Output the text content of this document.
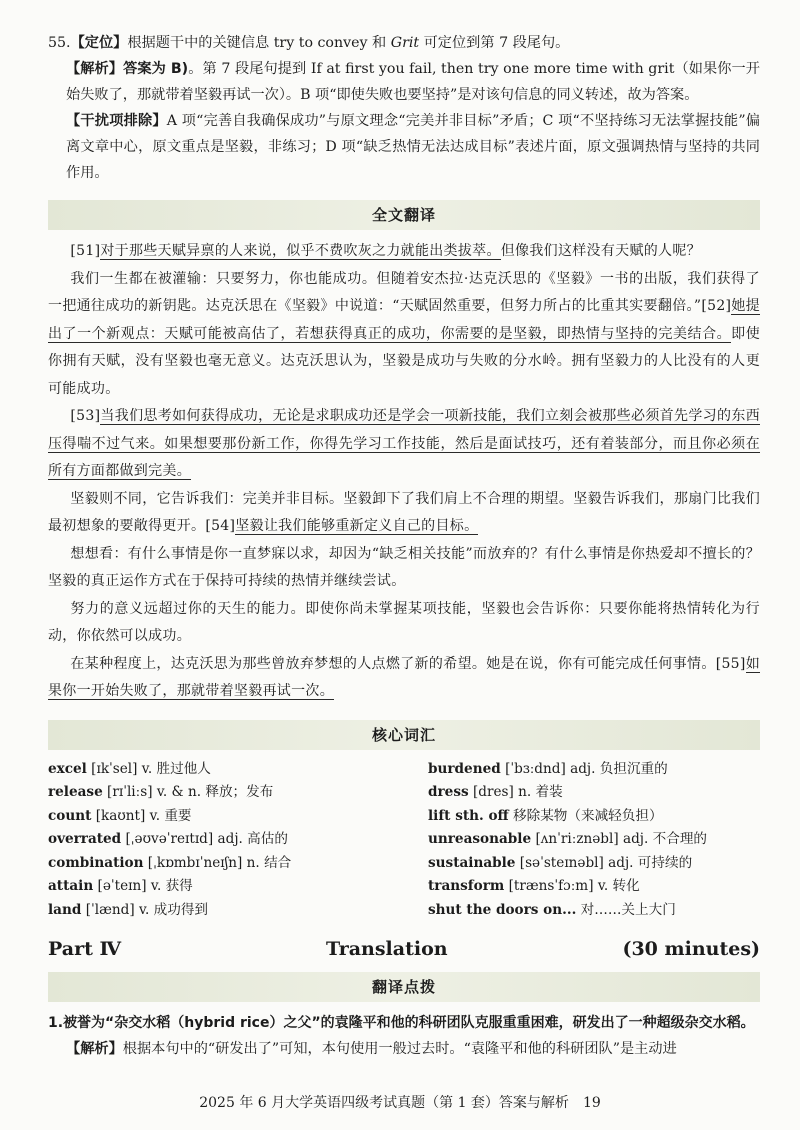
55.【定位】根据题干中的关键信息 try to convey 和 Grit 可定位到第 7 段尾句。

【解析】答案为 B)。第 7 段尾句提到 If at first you fail, then try one more time with grit（如果你一开始失败了，那就带着坚毅再试一次）。B 项“即使失败也要坚持”是对该句信息的同义转述，故为答案。

【干扰项排除】A 项“完善自我确保成功”与原文理念“完美并非目标”矛盾；C 项“不坚持练习无法掌握技能”偏离文章中心，原文重点是坚毅，非练习；D 项“缺乏热情无法达成目标”表述片面，原文强调热情与坚持的共同作用。

全文翻译

[51]对于那些天赋异禀的人来说，似乎不费吹灰之力就能出类拔萃。但像我们这样没有天赋的人呢？

我们一生都在被灌输：只要努力，你也能成功。但随着安杰拉·达克沃思的《坚毅》一书的出版，我们获得了一把通往成功的新钥匙。达克沃思在《坚毅》中说道：“天赋固然重要，但努力所占的比重其实要翻倍。”[52]她提出了一个新观点：天赋可能被高估了，若想获得真正的成功，你需要的是坚毅，即热情与坚持的完美结合。即使你拥有天赋，没有坚毅也毫无意义。达克沃思认为，坚毅是成功与失败的分水岭。拥有坚毅力的人比没有的人更可能成功。

[53]当我们思考如何获得成功，无论是求职成功还是学会一项新技能，我们立刻会被那些必须首先学习的东西压得喘不过气来。如果想要那份新工作，你得先学习工作技能，然后是面试技巧，还有着装部分，而且你必须在所有方面都做到完美。

坚毅则不同，它告诉我们：完美并非目标。坚毅卸下了我们肩上不合理的期望。坚毅告诉我们，那扇门比我们最初想象的要敞得更开。[54]坚毅让我们能够重新定义自己的目标。

想想看：有什么事情是你一直梦寐以求，却因为“缺乏相关技能”而放弃的？有什么事情是你热爱却不擅长的？坚毅的真正运作方式在于保持可持续的热情并继续尝试。

努力的意义远超过你的天生的能力。即使你尚未掌握某项技能，坚毅也会告诉你：只要你能将热情转化为行动，你依然可以成功。

在某种程度上，达克沃思为那些曾放弃梦想的人点燃了新的希望。她是在说，你有可能完成任何事情。[55]如果你一开始失败了，那就带着坚毅再试一次。

核心词汇
excel [ɪkˈsel] v. 胜过他人
release [rɪˈliːs] v. & n. 释放；发布
count [kaʊnt] v. 重要
overrated [ˌəʊvəˈreɪtɪd] adj. 高估的
combination [ˌkɒmbɪˈneɪʃn] n. 结合
attain [əˈteɪn] v. 获得
land [ˈlænd] v. 成功得到
burdened [ˈbɜːdnd] adj. 负担沉重的
dress [dres] n. 着装
lift sth. off 移除某物（来减轻负担）
unreasonable [ʌnˈriːznəbl] adj. 不合理的
sustainable [səˈsteɪnəbl] adj. 可持续的
transform [trænsˈfɔːm] v. 转化
shut the doors on... 对……关上大门
Part Ⅳ	Translation	(30 minutes)
翻译点拨

1.被誉为“杂交水稻（hybrid rice）之父”的袁隆平和他的科研团队克服重重困难，研发出了一种超级杂交水稻。

【解析】根据本句中的“研发出了”可知，本句使用一般过去时。“袁隆平和他的科研团队”是主动进

2025 年 6 月大学英语四级考试真题（第 1 套）答案与解析 19
